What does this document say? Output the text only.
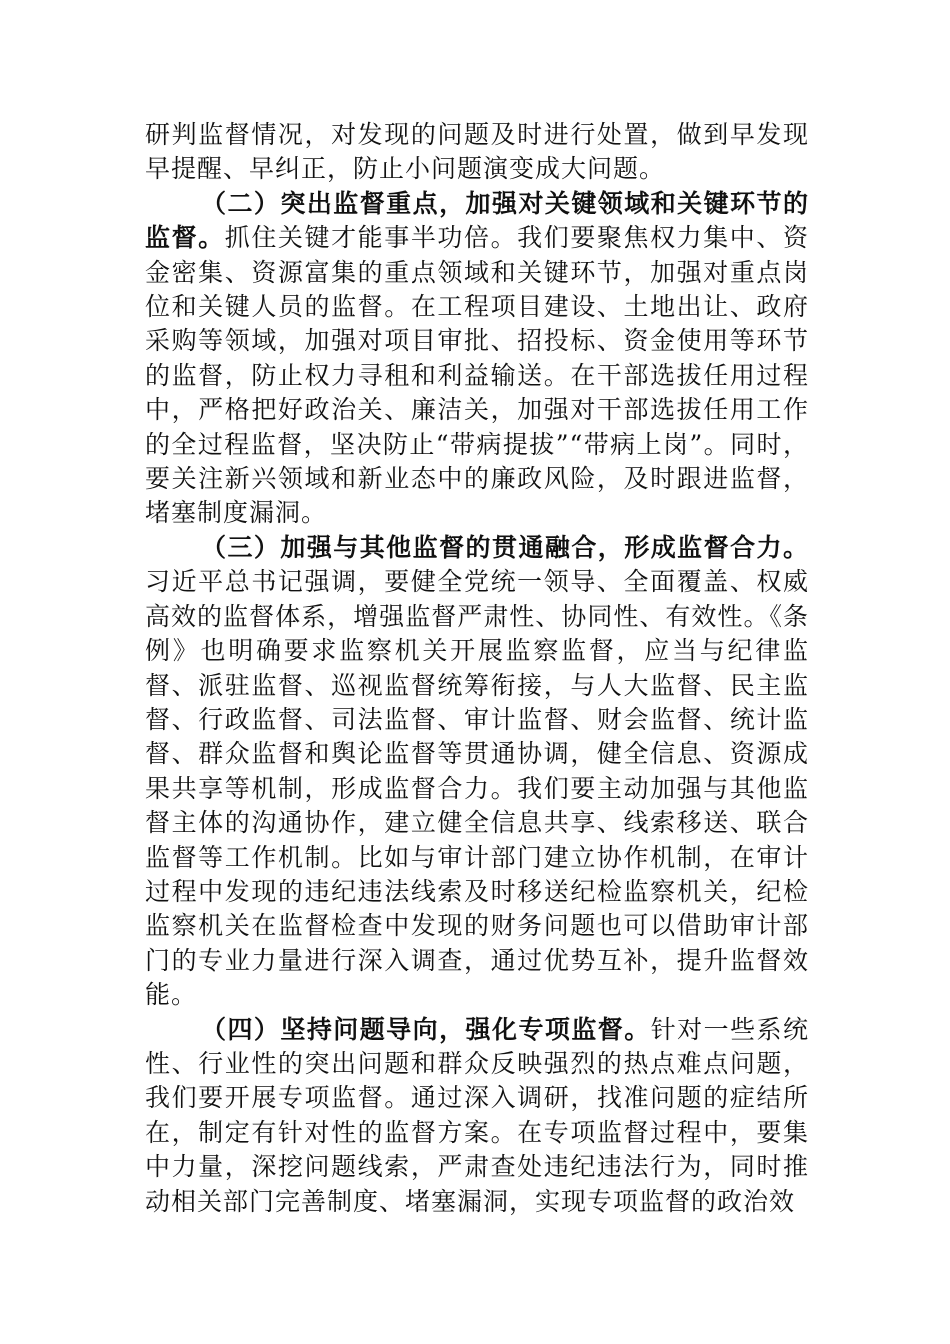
研判监督情况，对发现的问题及时进行处置，做到早发现早提醒、早纠正，防止小问题演变成大问题。

（二）突出监督重点，加强对关键领域和关键环节的监督。抓住关键才能事半功倍。我们要聚焦权力集中、资金密集、资源富集的重点领域和关键环节，加强对重点岗位和关键人员的监督。在工程项目建设、土地出让、政府采购等领域，加强对项目审批、招投标、资金使用等环节的监督，防止权力寻租和利益输送。在干部选拔任用过程中，严格把好政治关、廉洁关，加强对干部选拔任用工作的全过程监督，坚决防止“带病提拔”“带病上岗”。同时，要关注新兴领域和新业态中的廉政风险，及时跟进监督，堵塞制度漏洞。

（三）加强与其他监督的贯通融合，形成监督合力。习近平总书记强调，要健全党统一领导、全面覆盖、权威高效的监督体系，增强监督严肃性、协同性、有效性。《条例》也明确要求监察机关开展监察监督，应当与纪律监督、派驻监督、巡视监督统筹衔接，与人大监督、民主监督、行政监督、司法监督、审计监督、财会监督、统计监督、群众监督和舆论监督等贯通协调，健全信息、资源成果共享等机制，形成监督合力。我们要主动加强与其他监督主体的沟通协作，建立健全信息共享、线索移送、联合监督等工作机制。比如与审计部门建立协作机制，在审计过程中发现的违纪违法线索及时移送纪检监察机关，纪检监察机关在监督检查中发现的财务问题也可以借助审计部门的专业力量进行深入调查，通过优势互补，提升监督效能。

（四）坚持问题导向，强化专项监督。针对一些系统性、行业性的突出问题和群众反映强烈的热点难点问题，我们要开展专项监督。通过深入调研，找准问题的症结所在，制定有针对性的监督方案。在专项监督过程中，要集中力量，深挖问题线索，严肃查处违纪违法行为，同时推动相关部门完善制度、堵塞漏洞，实现专项监督的政治效
